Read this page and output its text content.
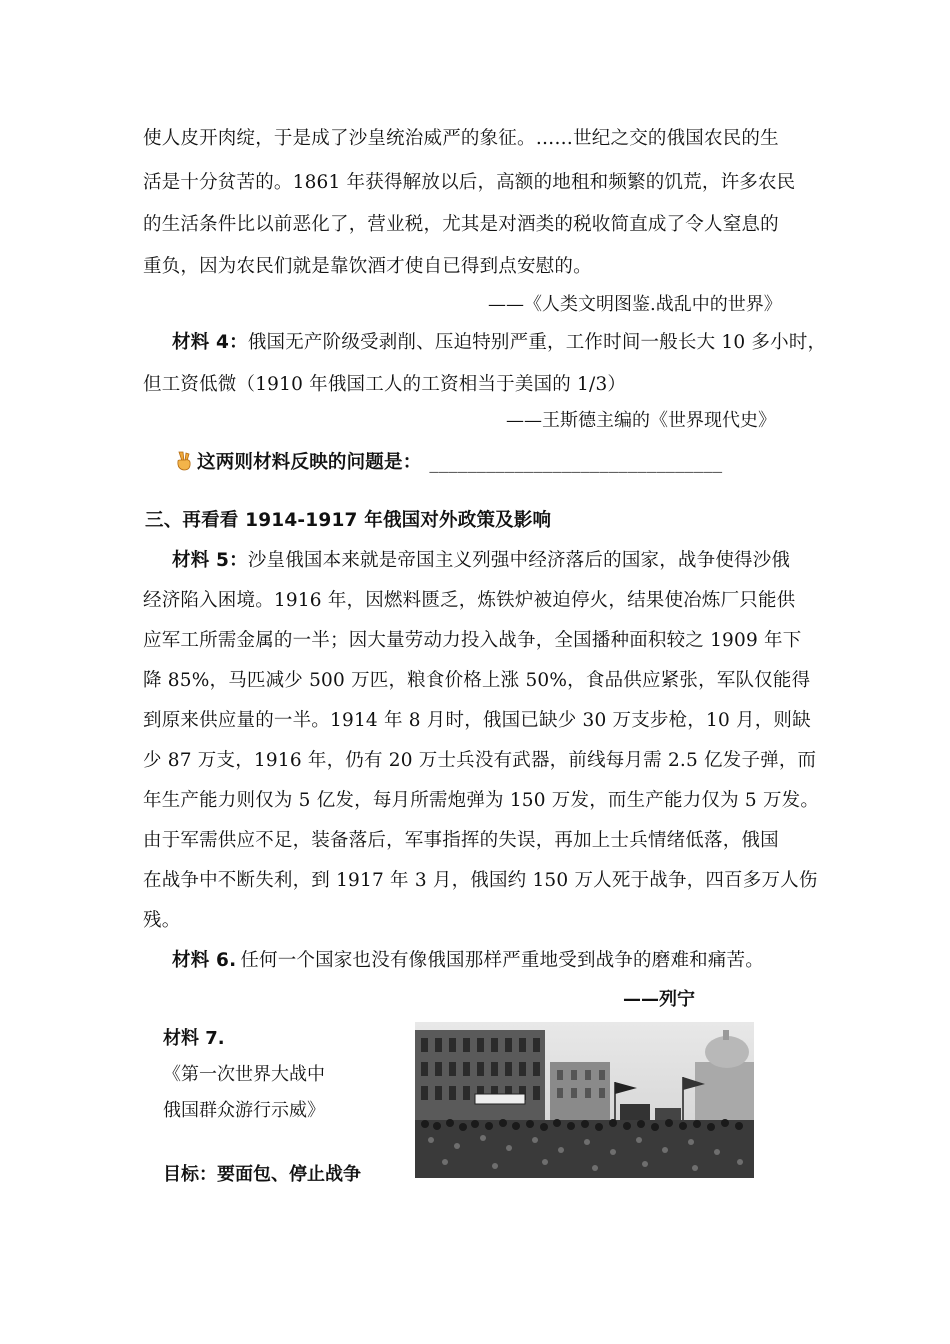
使人皮开肉绽，于是成了沙皇统治威严的象征。……世纪之交的俄国农民的生
活是十分贫苦的。1861 年获得解放以后，高额的地租和频繁的饥荒，许多农民
的生活条件比以前恶化了，营业税，尤其是对酒类的税收简直成了令人窒息的
重负，因为农民们就是靠饮酒才使自已得到点安慰的。
——《人类文明图鉴.战乱中的世界》
材料 4：俄国无产阶级受剥削、压迫特别严重，工作时间一般长大 10 多小时，
但工资低微（1910 年俄国工人的工资相当于美国的 1/3）
——王斯德主编的《世界现代史》
这两则材料反映的问题是： _______________________________
三、再看看 1914-1917 年俄国对外政策及影响
材料 5：沙皇俄国本来就是帝国主义列强中经济落后的国家，战争使得沙俄
经济陷入困境。1916 年，因燃料匮乏，炼铁炉被迫停火，结果使冶炼厂只能供
应军工所需金属的一半；因大量劳动力投入战争，全国播种面积较之 1909 年下
降 85%，马匹减少 500 万匹，粮食价格上涨 50%，食品供应紧张，军队仅能得
到原来供应量的一半。1914 年 8 月时，俄国已缺少 30 万支步枪，10 月，则缺
少 87 万支，1916 年，仍有 20 万士兵没有武器，前线每月需 2.5 亿发子弹，而
年生产能力则仅为 5 亿发，每月所需炮弹为 150 万发，而生产能力仅为 5 万发。
由于军需供应不足，装备落后，军事指挥的失误，再加上士兵情绪低落，俄国
在战争中不断失利，到 1917 年 3 月，俄国约 150 万人死于战争，四百多万人伤
残。
材料 6. 任何一个国家也没有像俄国那样严重地受到战争的磨难和痛苦。
——列宁
材料 7.
《第一次世界大战中
俄国群众游行示威》
目标：要面包、停止战争
